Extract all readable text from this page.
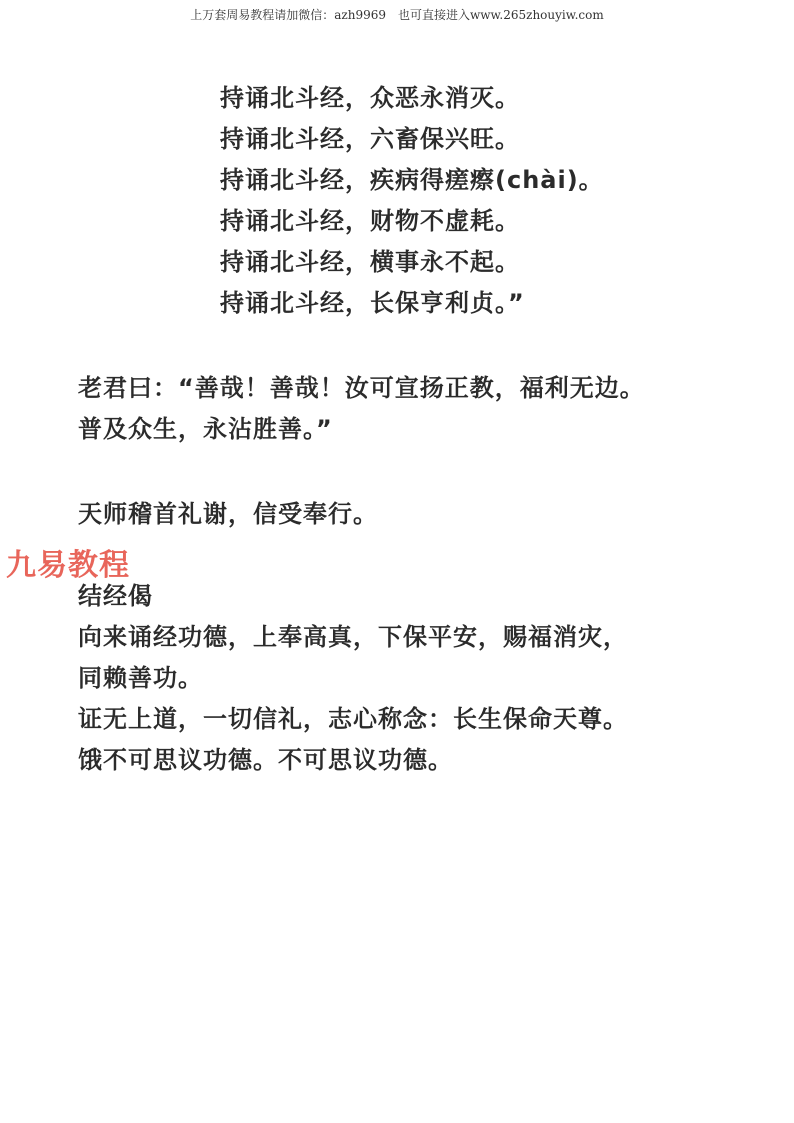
上万套周易教程请加微信：azh9969　也可直接进入www.265zhouyiw.com
持诵北斗经，众恶永消灭。
持诵北斗经，六畜保兴旺。
持诵北斗经，疾病得瘥瘵(chài)。
持诵北斗经，财物不虚耗。
持诵北斗经，横事永不起。
持诵北斗经，长保亨利贞。”
老君曰：“善哉！善哉！汝可宣扬正教，福利无边。
普及众生，永沾胜善。”
天师稽首礼谢，信受奉行。
九易教程
结经偈
向来诵经功德，上奉高真，下保平安，赐福消灾，
同赖善功。
证无上道，一切信礼，志心称念：长生保命天尊。
饿不可思议功德。不可思议功德。
